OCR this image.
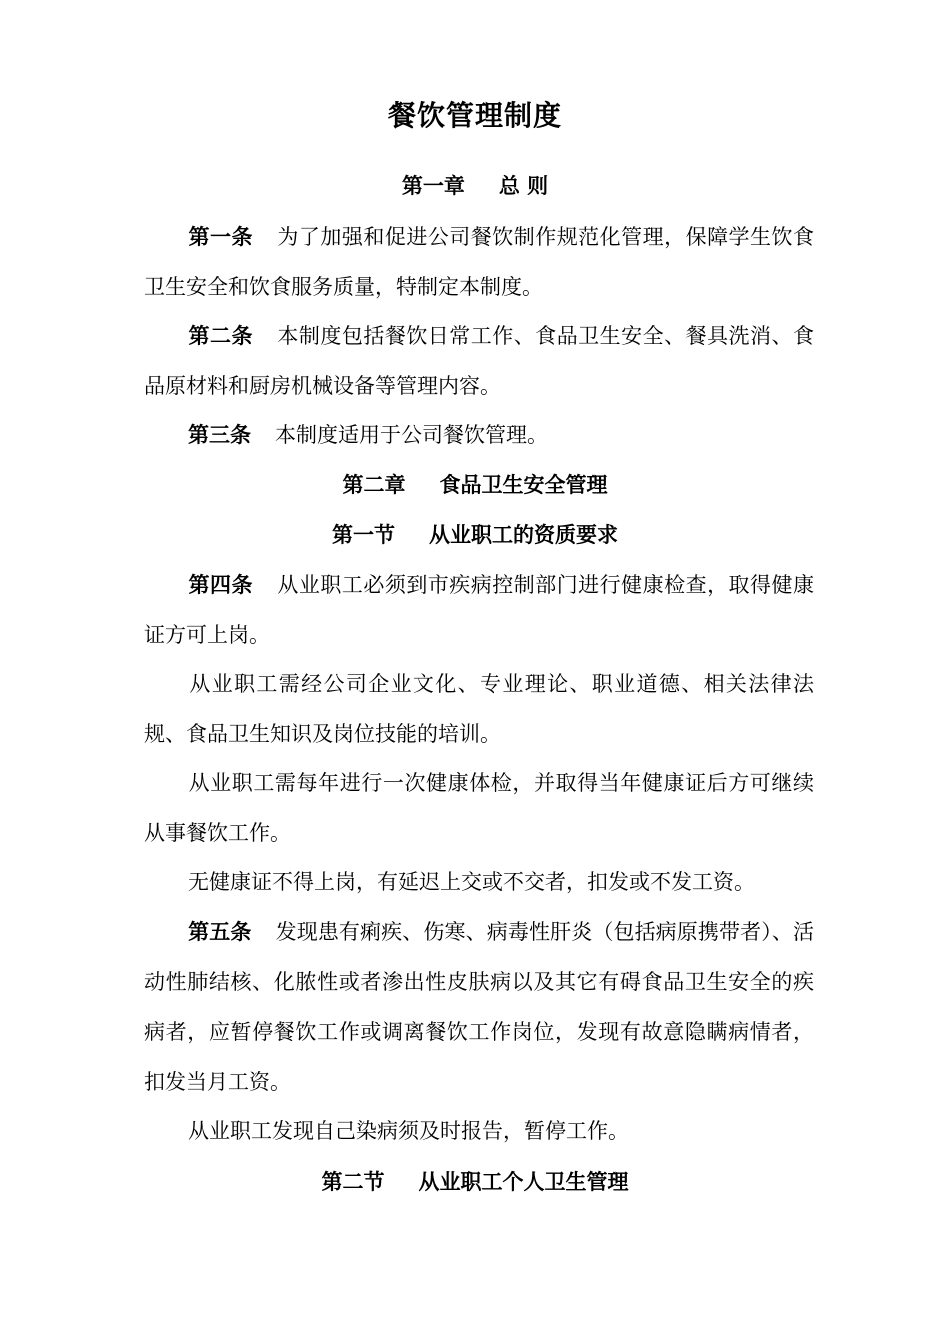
餐饮管理制度
第一章 总 则
第一条 为了加强和促进公司餐饮制作规范化管理，保障学生饮食卫生安全和饮食服务质量，特制定本制度。
第二条 本制度包括餐饮日常工作、食品卫生安全、餐具洗消、食品原材料和厨房机械设备等管理内容。
第三条 本制度适用于公司餐饮管理。
第二章 食品卫生安全管理
第一节 从业职工的资质要求
第四条 从业职工必须到市疾病控制部门进行健康检查，取得健康证方可上岗。
从业职工需经公司企业文化、专业理论、职业道德、相关法律法规、食品卫生知识及岗位技能的培训。
从业职工需每年进行一次健康体检，并取得当年健康证后方可继续从事餐饮工作。
无健康证不得上岗，有延迟上交或不交者，扣发或不发工资。
第五条 发现患有痢疾、伤寒、病毒性肝炎（包括病原携带者）、活动性肺结核、化脓性或者渗出性皮肤病以及其它有碍食品卫生安全的疾病者，应暂停餐饮工作或调离餐饮工作岗位，发现有故意隐瞒病情者，扣发当月工资。
从业职工发现自己染病须及时报告，暂停工作。
第二节 从业职工个人卫生管理
